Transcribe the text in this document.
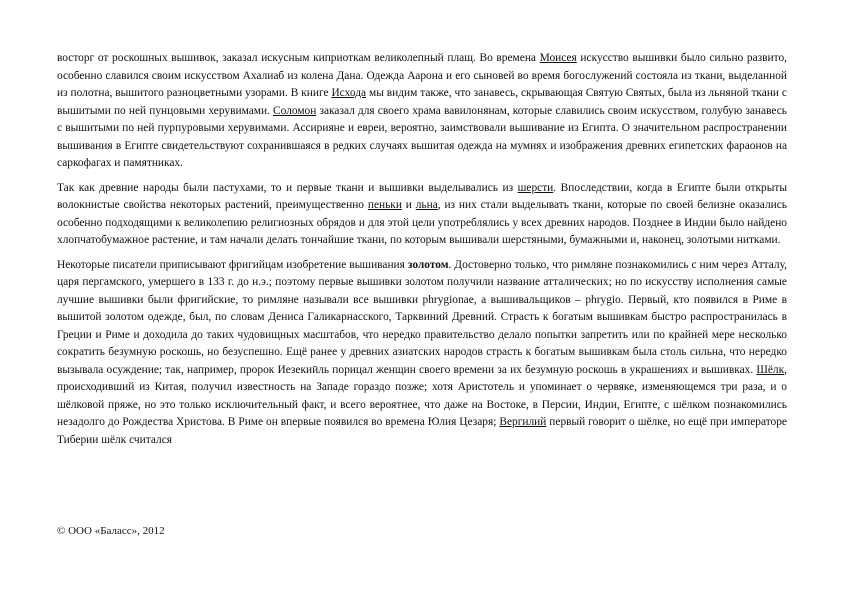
восторг от роскошных вышивок, заказал искусным киприоткам великолепный плащ. Во времена Моисея искусство вышивки было сильно развито, особенно славился своим искусством Ахалиаб из колена Дана. Одежда Аарона и его сыновей во время богослужений состояла из ткани, выделанной из полотна, вышитого разноцветными узорами. В книге Исхода мы видим также, что занавесь, скрывающая Святую Святых, была из льняной ткани с вышитыми по ней пунцовыми херувимами. Соломон заказал для своего храма вавилонянам, которые славились своим искусством, голубую занавесь с вышитыми по ней пурпуровыми херувимами. Ассирияне и евреи, вероятно, заимствовали вышивание из Египта. О значительном распространении вышивания в Египте свидетельствуют сохранившаяся в редких случаях вышитая одежда на мумиях и изображения древних египетских фараонов на саркофагах и памятниках.

Так как древние народы были пастухами, то и первые ткани и вышивки выделывались из шерсти. Впоследствии, когда в Египте были открыты волокнистые свойства некоторых растений, преимущественно пеньки и льна, из них стали выделывать ткани, которые по своей белизне оказались особенно подходящими к великолепию религиозных обрядов и для этой цели употреблялись у всех древних народов. Позднее в Индии было найдено хлопчатобумажное растение, и там начали делать тончайшие ткани, по которым вышивали шерстяными, бумажными и, наконец, золотыми нитками.

Некоторые писатели приписывают фригийцам изобретение вышивания золотом. Достоверно только, что римляне познакомились с ним через Атталу, царя пергамского, умершего в 133 г. до н.э.; поэтому первые вышивки золотом получили название атталических; но по искусству исполнения самые лучшие вышивки были фригийские, то римляне называли все вышивки phrygionae, а вышивальщиков – phrygio. Первый, кто появился в Риме в вышитой золотом одежде, был, по словам Дениса Галикарнасского, Тарквиний Древний. Страсть к богатым вышивкам быстро распространилась в Греции и Риме и доходила до таких чудовищных масштабов, что нередко правительство делало попытки запретить или по крайней мере несколько сократить безумную роскошь, но безуспешно. Ещё ранее у древних азиатских народов страсть к богатым вышивкам была столь сильна, что нередко вызывала осуждение; так, например, пророк Иезекиӣль порицал женщин своего времени за их безумную роскошь в украшениях и вышивках. Шёлк, происходивший из Китая, получил известность на Западе гораздо позже; хотя Аристотель и упоминает о червяке, изменяющемся три раза, и о шёлковой пряже, но это только исключительный факт, и всего вероятнее, что даже на Востоке, в Персии, Индии, Египте, с шёлком познакомились незадолго до Рождества Христова. В Риме он впервые появился во времена Юлия Цезаря; Вергилий первый говорит о шёлке, но ещё при императоре Тиберии шёлк считался

© ООО «Баласс», 2012
